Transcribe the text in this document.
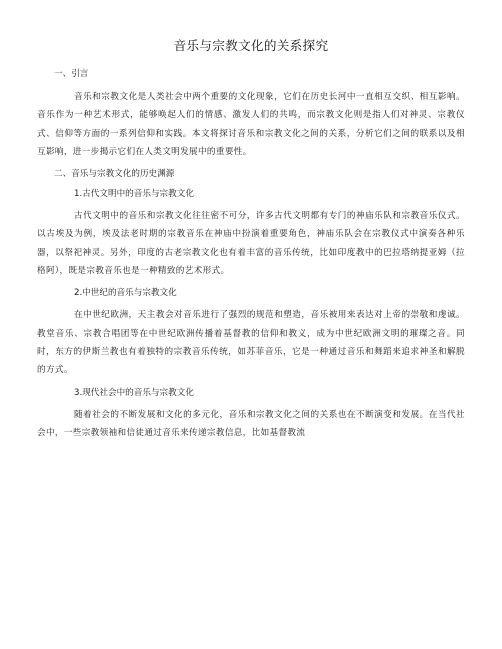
音乐与宗教文化的关系探究
一、引言

音乐和宗教文化是人类社会中两个重要的文化现象，它们在历史长河中一直相互交织、相互影响。音乐作为一种艺术形式，能够唤起人们的情感、激发人们的共鸣，而宗教文化则是指人们对神灵、宗教仪式、信仰等方面的一系列信仰和实践。本文将探讨音乐和宗教文化之间的关系，分析它们之间的联系以及相互影响，进一步揭示它们在人类文明发展中的重要性。

二、音乐与宗教文化的历史渊源
1.古代文明中的音乐与宗教文化

古代文明中的音乐和宗教文化往往密不可分，许多古代文明都有专门的神庙乐队和宗教音乐仪式。以古埃及为例，埃及法老时期的宗教音乐在神庙中扮演着重要角色，神庙乐队会在宗教仪式中演奏各种乐器，以祭祀神灵。另外，印度的古老宗教文化也有着丰富的音乐传统，比如印度教中的巴拉塔纳提亚姆（拉格阿），既是宗教音乐也是一种精致的艺术形式。

2.中世纪的音乐与宗教文化

在中世纪欧洲，天主教会对音乐进行了强烈的规范和塑造，音乐被用来表达对上帝的崇敬和虔诚。教堂音乐、宗教合唱团等在中世纪欧洲传播着基督教的信仰和教义，成为中世纪欧洲文明的璀璨之音。同时，东方的伊斯兰教也有着独特的宗教音乐传统，如苏菲音乐，它是一种通过音乐和舞蹈来追求神圣和解脱的方式。

3.现代社会中的音乐与宗教文化

随着社会的不断发展和文化的多元化，音乐和宗教文化之间的关系也在不断演变和发展。在当代社会中，一些宗教领袖和信徒通过音乐来传递宗教信息，比如基督教流
